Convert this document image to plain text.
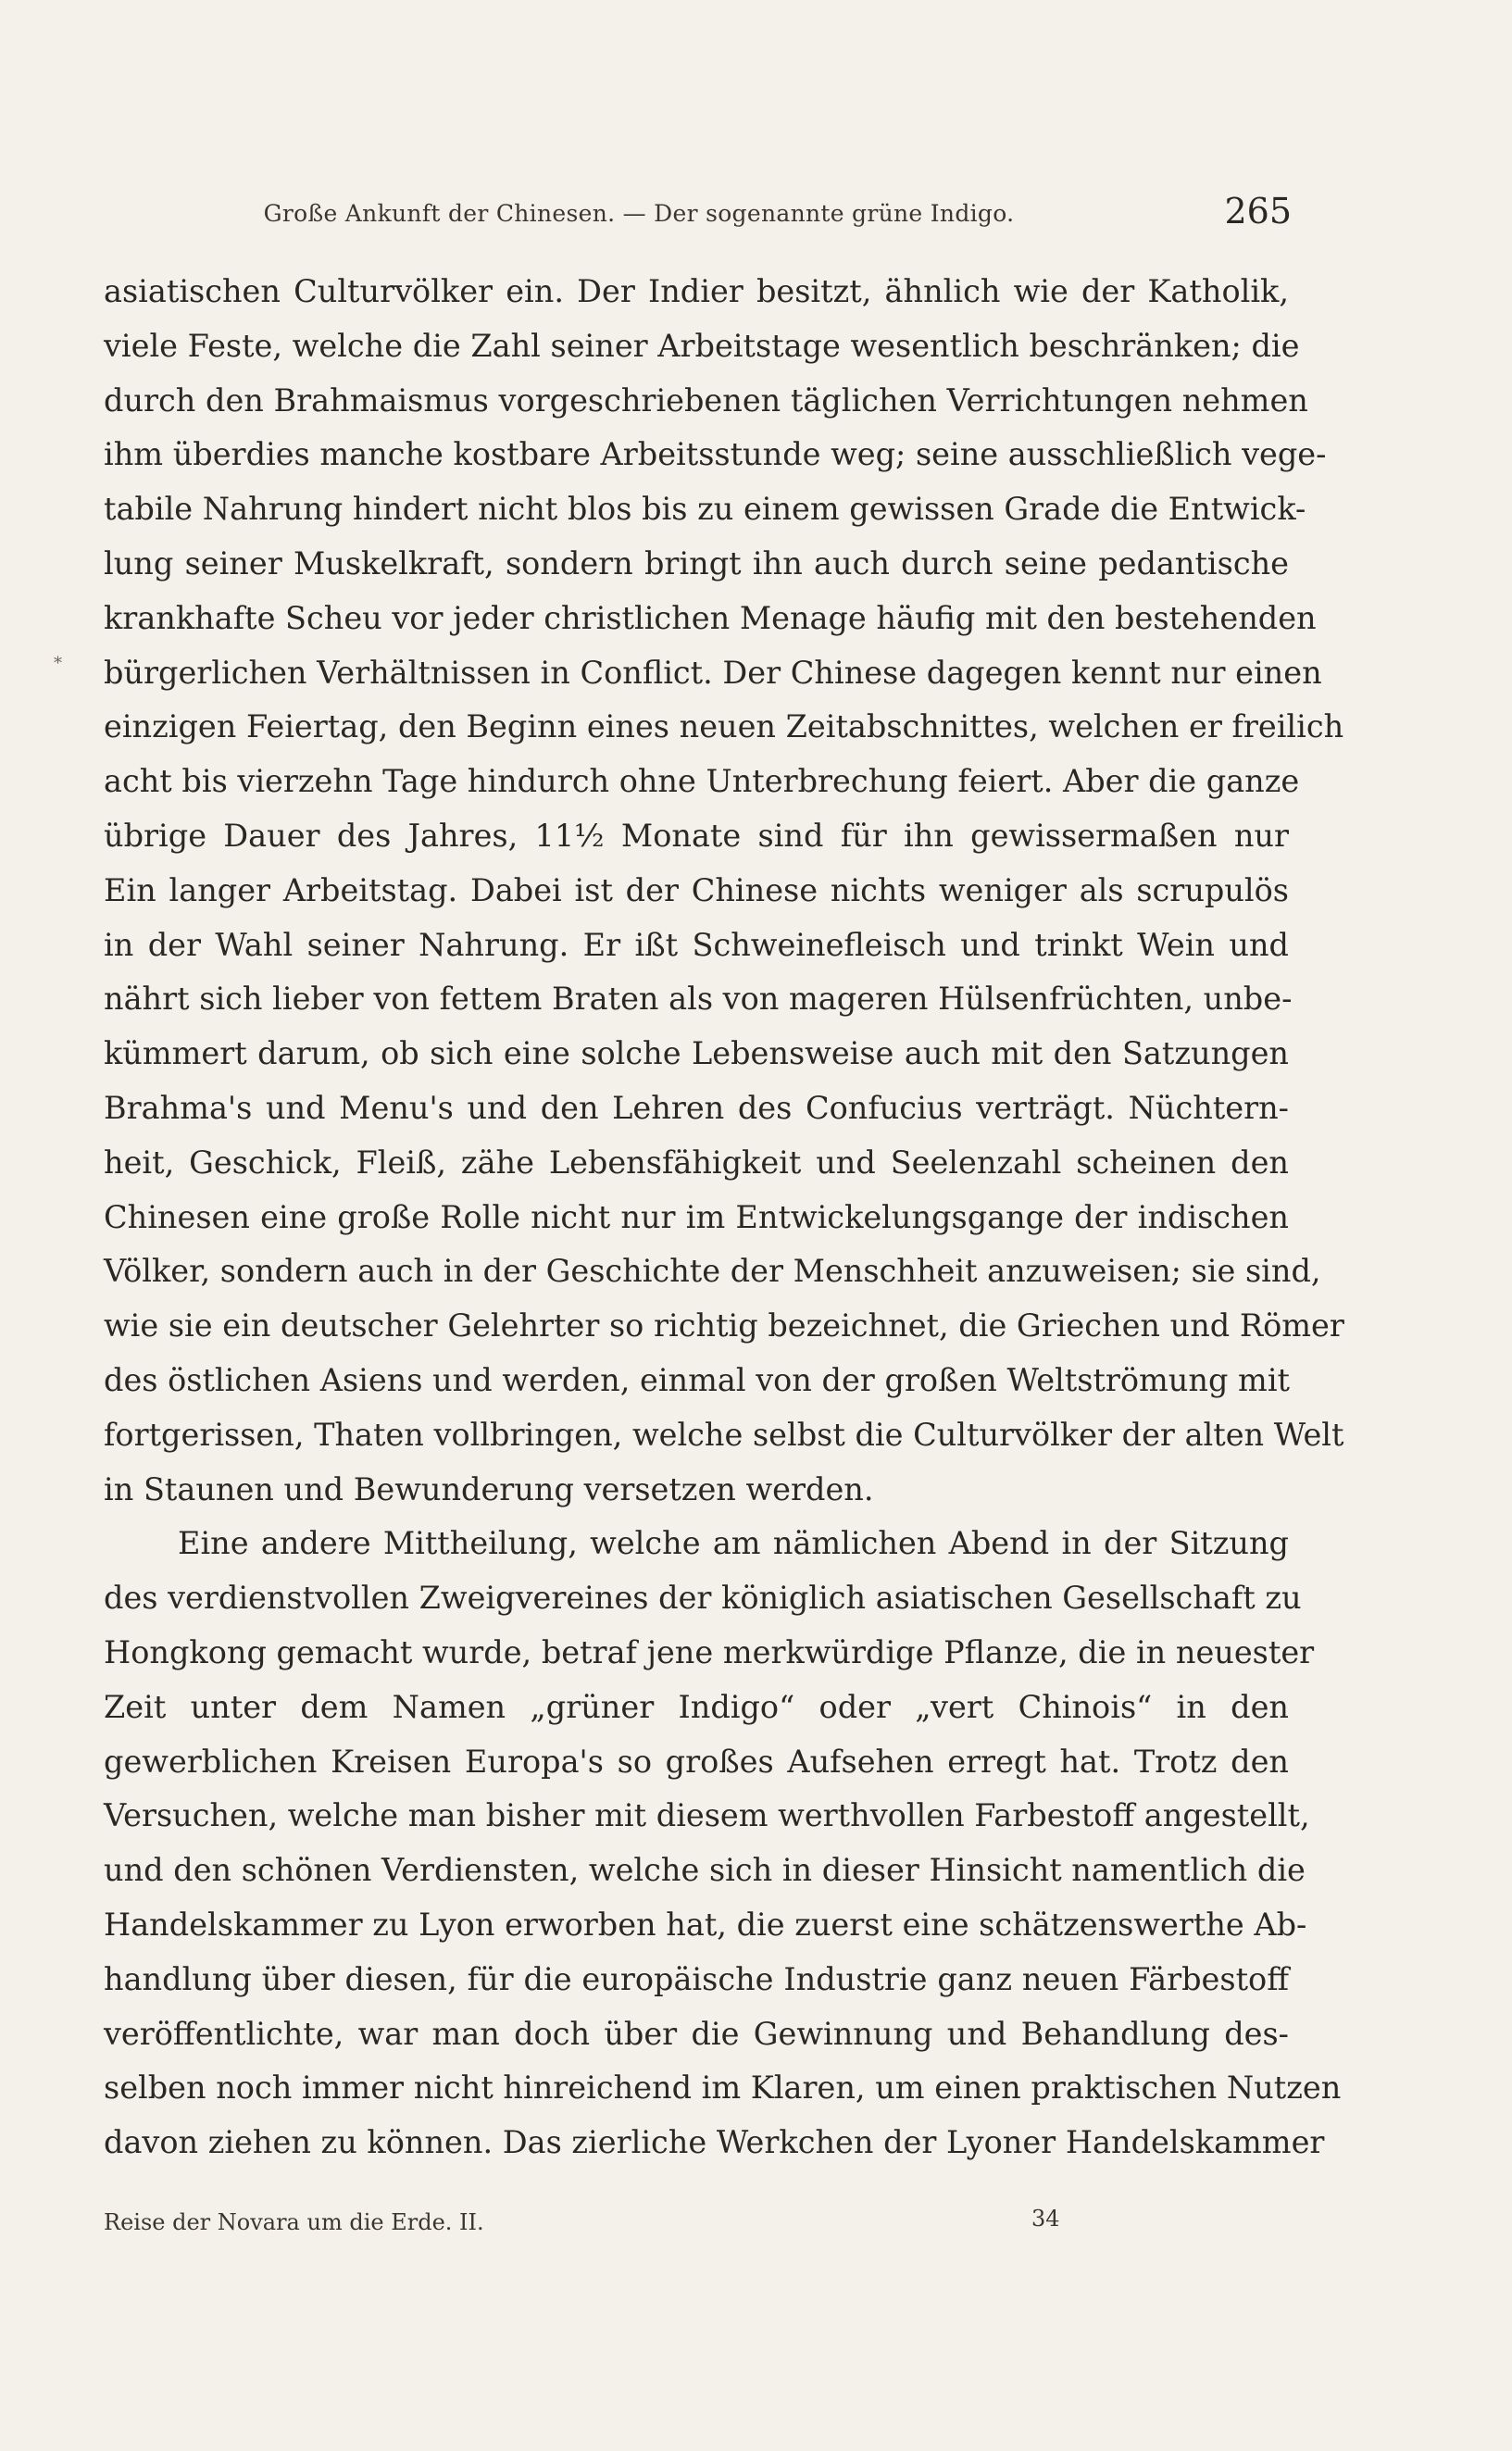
Große Ankunft der Chinesen. — Der sogenannte grüne Indigo.	265
*
asiatischen Culturvölker ein. Der Indier besitzt, ähnlich wie der Katholik,
viele Feste, welche die Zahl seiner Arbeitstage wesentlich beschränken; die
durch den Brahmaismus vorgeschriebenen täglichen Verrichtungen nehmen
ihm überdies manche kostbare Arbeitsstunde weg; seine ausschließlich vege-
tabile Nahrung hindert nicht blos bis zu einem gewissen Grade die Entwick-
lung seiner Muskelkraft, sondern bringt ihn auch durch seine pedantische
krankhafte Scheu vor jeder christlichen Menage häufig mit den bestehenden
bürgerlichen Verhältnissen in Conflict. Der Chinese dagegen kennt nur einen
einzigen Feiertag, den Beginn eines neuen Zeitabschnittes, welchen er freilich
acht bis vierzehn Tage hindurch ohne Unterbrechung feiert. Aber die ganze
übrige Dauer des Jahres, 11½ Monate sind für ihn gewissermaßen nur
Ein langer Arbeitstag. Dabei ist der Chinese nichts weniger als scrupulös
in der Wahl seiner Nahrung. Er ißt Schweinefleisch und trinkt Wein und
nährt sich lieber von fettem Braten als von mageren Hülsenfrüchten, unbe-
kümmert darum, ob sich eine solche Lebensweise auch mit den Satzungen
Brahma's und Menu's und den Lehren des Confucius verträgt. Nüchtern-
heit, Geschick, Fleiß, zähe Lebensfähigkeit und Seelenzahl scheinen den
Chinesen eine große Rolle nicht nur im Entwickelungsgange der indischen
Völker, sondern auch in der Geschichte der Menschheit anzuweisen; sie sind,
wie sie ein deutscher Gelehrter so richtig bezeichnet, die Griechen und Römer
des östlichen Asiens und werden, einmal von der großen Weltströmung mit
fortgerissen, Thaten vollbringen, welche selbst die Culturvölker der alten Welt
in Staunen und Bewunderung versetzen werden.
Eine andere Mittheilung, welche am nämlichen Abend in der Sitzung
des verdienstvollen Zweigvereines der königlich asiatischen Gesellschaft zu
Hongkong gemacht wurde, betraf jene merkwürdige Pflanze, die in neuester
Zeit unter dem Namen „grüner Indigo“ oder „vert Chinois“ in den
gewerblichen Kreisen Europa's so großes Aufsehen erregt hat. Trotz den
Versuchen, welche man bisher mit diesem werthvollen Farbestoff angestellt,
und den schönen Verdiensten, welche sich in dieser Hinsicht namentlich die
Handelskammer zu Lyon erworben hat, die zuerst eine schätzenswerthe Ab-
handlung über diesen, für die europäische Industrie ganz neuen Färbestoff
veröffentlichte, war man doch über die Gewinnung und Behandlung des-
selben noch immer nicht hinreichend im Klaren, um einen praktischen Nutzen
davon ziehen zu können. Das zierliche Werkchen der Lyoner Handelskammer
Reise der Novara um die Erde. II.	34
